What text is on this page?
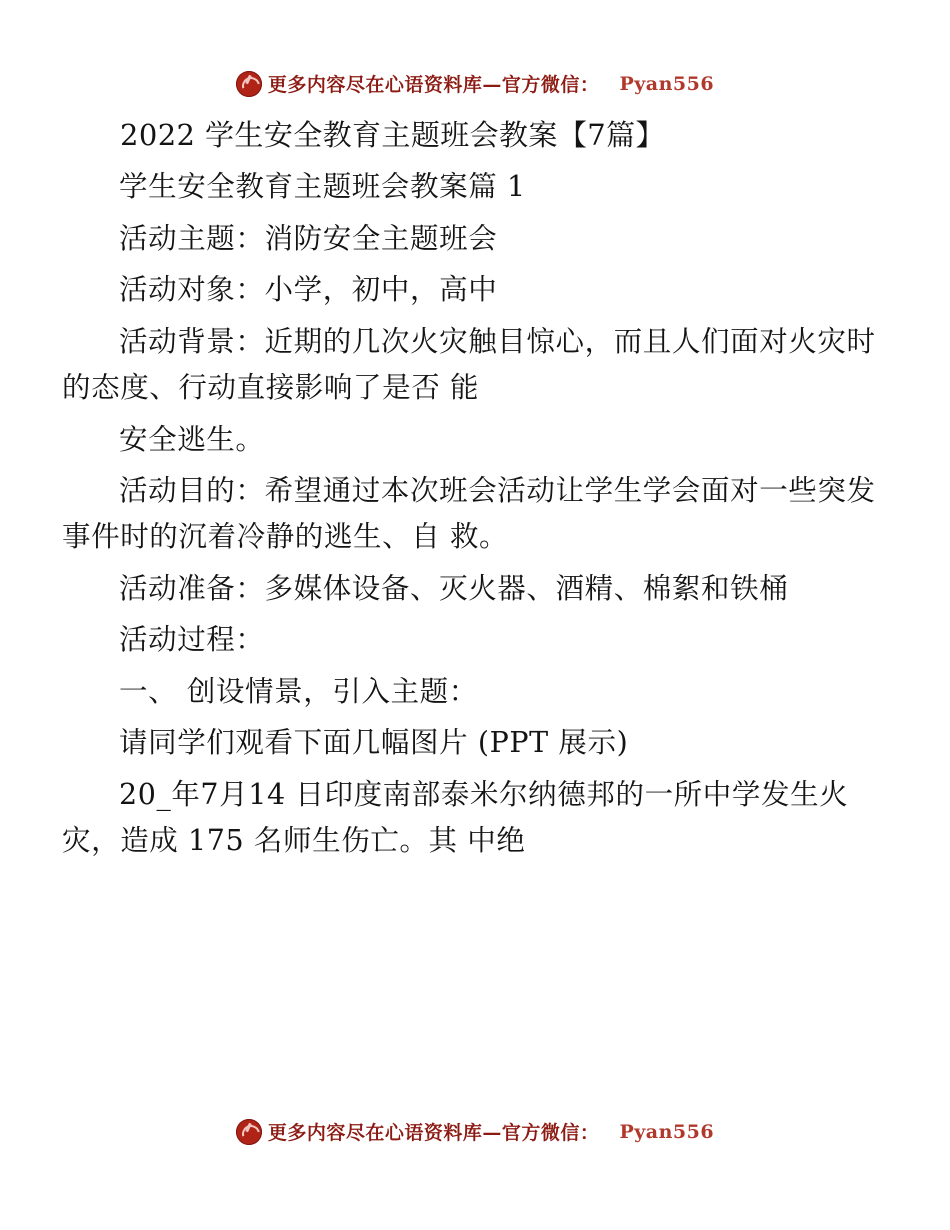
更多内容尽在心语资料库—官方微信： Pyan556

2022 学生安全教育主题班会教案【7篇】

学生安全教育主题班会教案篇 1

活动主题：消防安全主题班会

活动对象：小学，初中，高中

活动背景：近期的几次火灾触目惊心，而且人们面对火灾时的态度、行动直接影响了是否 能

安全逃生。

活动目的：希望通过本次班会活动让学生学会面对一些突发事件时的沉着冷静的逃生、自 救。

活动准备：多媒体设备、灭火器、酒精、棉絮和铁桶

活动过程：

一、 创设情景，引入主题：

请同学们观看下面几幅图片 (PPT 展示)

20_年7月14 日印度南部泰米尔纳德邦的一所中学发生火灾，造成 175 名师生伤亡。其 中绝

更多内容尽在心语资料库—官方微信： Pyan556
